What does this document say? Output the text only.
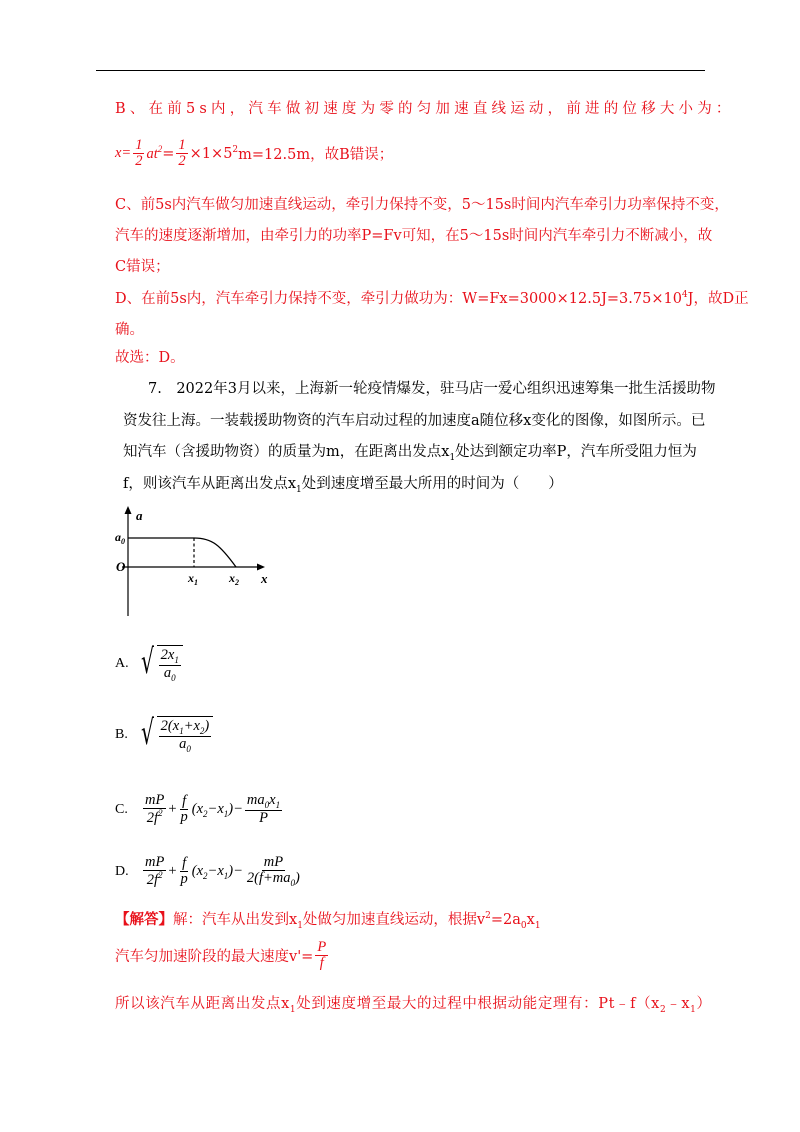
B、在前5s内，汽车做初速度为零的匀加速直线运动，前进的位移大小为：
$x= \frac{1}{2} at^2 = \frac{1}{2} \times 1\times 5^2$ m=12.5m，故B错误；
C、前5s内汽车做匀加速直线运动，牵引力保持不变，5～15s时间内汽车牵引力功率保持不变，
汽车的速度逐渐增加，由牵引力的功率P=Fv可知，在5～15s时间内汽车牵引力不断减小，故
C错误；
D、在前5s内，汽车牵引力保持不变，牵引力做功为：$W=Fx=3000\times 12.5J=3.75\times 10^4J$，故D正
确。
故选：D。
7.　2022年3月以来，上海新一轮疫情爆发，驻马店一爱心组织迅速筹集一批生活援助物
资发往上海。一装载援助物资的汽车启动过程的加速度a随位移x变化的图像，如图所示。已
知汽车（含援助物资）的质量为m，在距离出发点$x_1$处达到额定功率P，汽车所受阻力恒为
f，则该汽车从距离出发点$x_1$处到速度增至最大所用的时间为（　　）
a
x
O
$a_0$
$x_1$	$x_2$
A. √ $\frac{2x_1}{a_0}$
B. √ $\frac{2(x_1+x_2)}{a_0}$
C.	$\frac{mP}{2f^2} + \frac{f}{p} (x_2-x_1)- \frac{ma_0x_1}{P}$
D. $\frac{mP}{2f^2} + \frac{f}{p} (x_2-x_1)- \frac{mP}{2(f+ma_0)}$
【解答】解：汽车从出发到$x_1$处做匀加速直线运动，根据$v^2=2a_0x_1$
汽车匀加速阶段的最大速度$v'= \frac{P}{f}$
所以该汽车从距离出发点$x_1$处到速度增至最大的过程中根据动能定理有：$Pt﹣f(x_2﹣x_1)$
